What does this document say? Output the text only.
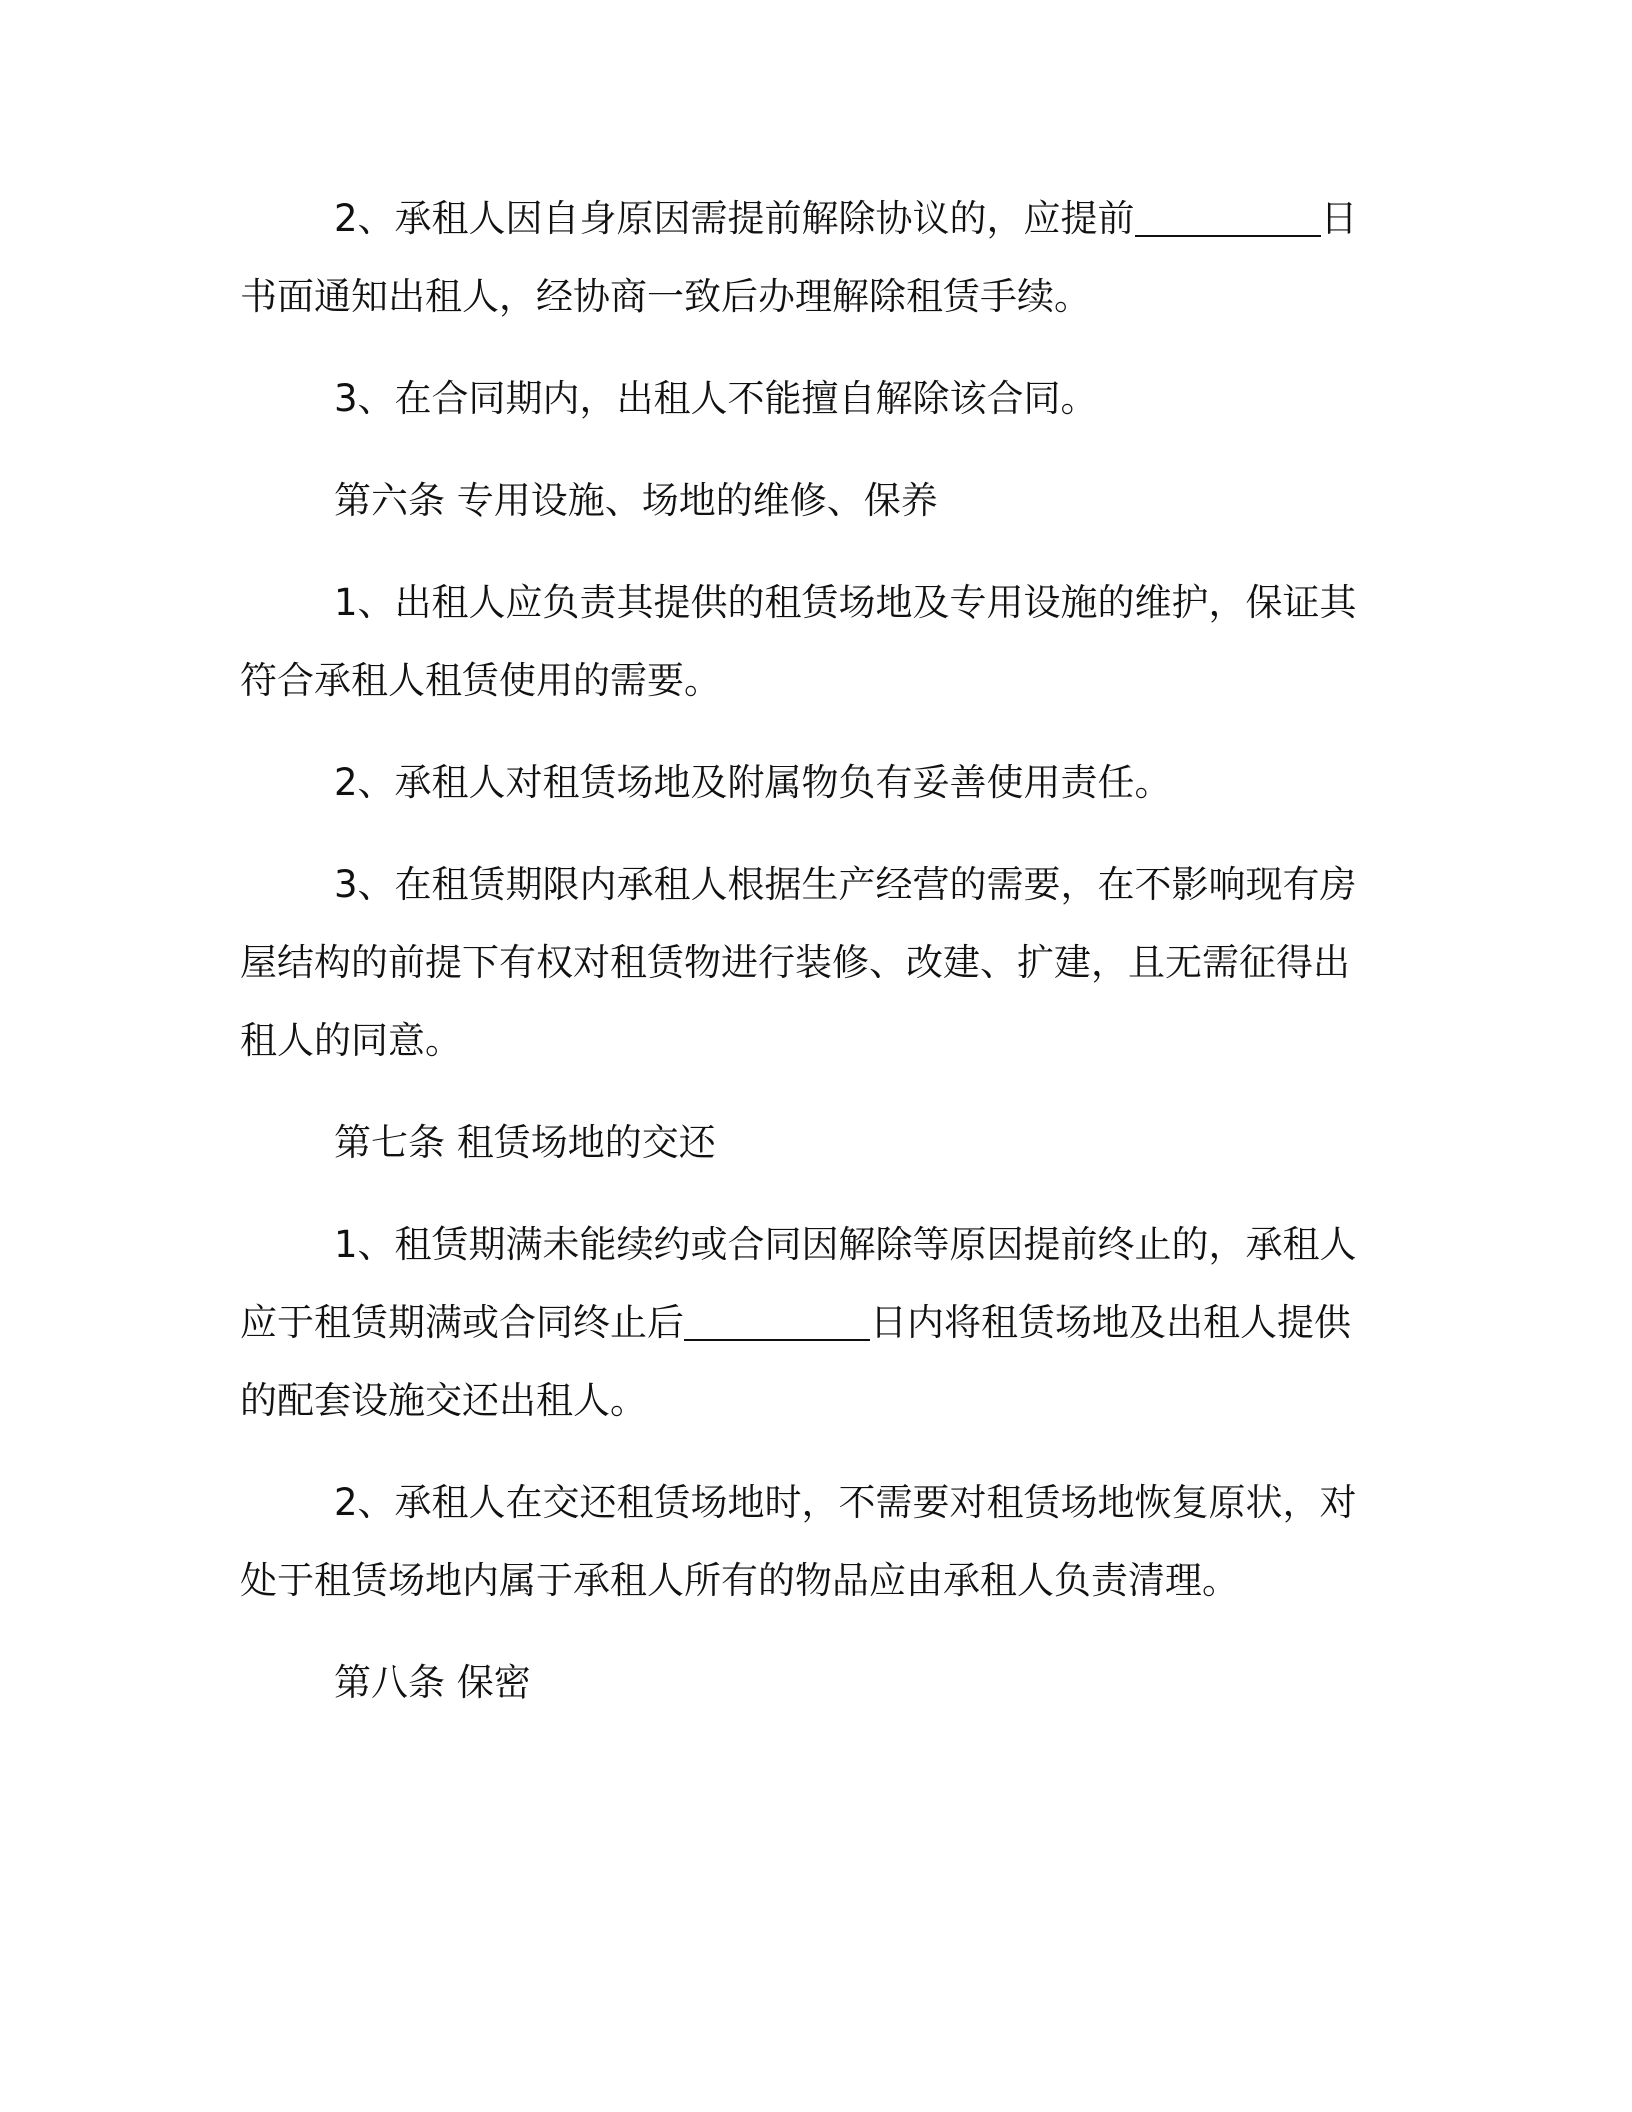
2、承租人因自身原因需提前解除协议的，应提前	日书面通知出租人，经协商一致后办理解除租赁手续。

3、在合同期内，出租人不能擅自解除该合同。

第六条 专用设施、场地的维修、保养

1、出租人应负责其提供的租赁场地及专用设施的维护，保证其符合承租人租赁使用的需要。

2、承租人对租赁场地及附属物负有妥善使用责任。

3、在租赁期限内承租人根据生产经营的需要，在不影响现有房屋结构的前提下有权对租赁物进行装修、改建、扩建，且无需征得出租人的同意。

第七条 租赁场地的交还

1、租赁期满未能续约或合同因解除等原因提前终止的，承租人应于租赁期满或合同终止后	日内将租赁场地及出租人提供的配套设施交还出租人。

2、承租人在交还租赁场地时，不需要对租赁场地恢复原状，对处于租赁场地内属于承租人所有的物品应由承租人负责清理。

第八条 保密
